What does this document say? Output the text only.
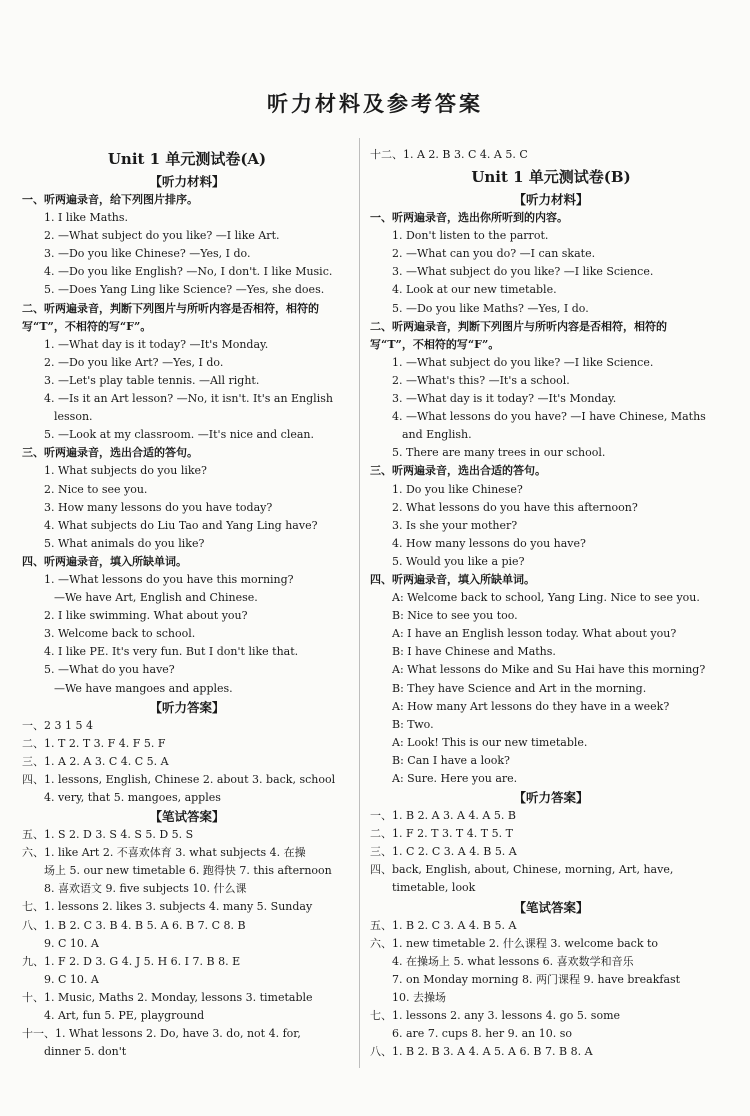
听力材料及参考答案
Unit 1 单元测试卷(A)
【听力材料】
一、听两遍录音，给下列图片排序。
1. I like Maths.
2. —What subject do you like? —I like Art.
3. —Do you like Chinese? —Yes, I do.
4. —Do you like English? —No, I don't. I like Music.
5. —Does Yang Ling like Science? —Yes, she does.
二、听两遍录音，判断下列图片与所听内容是否相符，相符的
写“T”，不相符的写“F”。
1. —What day is it today? —It's Monday.
2. —Do you like Art? —Yes, I do.
3. —Let's play table tennis. —All right.
4. —Is it an Art lesson? —No, it isn't. It's an English
lesson.
5. —Look at my classroom. —It's nice and clean.
三、听两遍录音，选出合适的答句。
1. What subjects do you like?
2. Nice to see you.
3. How many lessons do you have today?
4. What subjects do Liu Tao and Yang Ling have?
5. What animals do you like?
四、听两遍录音，填入所缺单词。
1. —What lessons do you have this morning?
—We have Art, English and Chinese.
2. I like swimming. What about you?
3. Welcome back to school.
4. I like PE. It's very fun. But I don't like that.
5. —What do you have?
—We have mangoes and apples.
【听力答案】
一、2 3 1 5 4
二、1. T 2. T 3. F 4. F 5. F
三、1. A 2. A 3. C 4. C 5. A
四、1. lessons, English, Chinese 2. about 3. back, school
4. very, that 5. mangoes, apples
【笔试答案】
五、1. S 2. D 3. S 4. S 5. D 5. S
六、1. like Art 2. 不喜欢体育 3. what subjects 4. 在操
场上 5. our new timetable 6. 跑得快 7. this afternoon
8. 喜欢语文 9. five subjects 10. 什么课
七、1. lessons 2. likes 3. subjects 4. many 5. Sunday
八、1. B 2. C 3. B 4. B 5. A 6. B 7. C 8. B
9. C 10. A
九、1. F 2. D 3. G 4. J 5. H 6. I 7. B 8. E
9. C 10. A
十、1. Music, Maths 2. Monday, lessons 3. timetable
4. Art, fun 5. PE, playground
十一、1. What lessons 2. Do, have 3. do, not 4. for,
dinner 5. don't
十二、1. A 2. B 3. C 4. A 5. C
Unit 1 单元测试卷(B)
【听力材料】
一、听两遍录音，选出你所听到的内容。
1. Don't listen to the parrot.
2. —What can you do? —I can skate.
3. —What subject do you like? —I like Science.
4. Look at our new timetable.
5. —Do you like Maths? —Yes, I do.
二、听两遍录音，判断下列图片与所听内容是否相符，相符的
写“T”，不相符的写“F”。
1. —What subject do you like? —I like Science.
2. —What's this? —It's a school.
3. —What day is it today? —It's Monday.
4. —What lessons do you have? —I have Chinese, Maths
and English.
5. There are many trees in our school.
三、听两遍录音，选出合适的答句。
1. Do you like Chinese?
2. What lessons do you have this afternoon?
3. Is she your mother?
4. How many lessons do you have?
5. Would you like a pie?
四、听两遍录音，填入所缺单词。
A: Welcome back to school, Yang Ling. Nice to see you.
B: Nice to see you too.
A: I have an English lesson today. What about you?
B: I have Chinese and Maths.
A: What lessons do Mike and Su Hai have this morning?
B: They have Science and Art in the morning.
A: How many Art lessons do they have in a week?
B: Two.
A: Look! This is our new timetable.
B: Can I have a look?
A: Sure. Here you are.
【听力答案】
一、1. B 2. A 3. A 4. A 5. B
二、1. F 2. T 3. T 4. T 5. T
三、1. C 2. C 3. A 4. B 5. A
四、back, English, about, Chinese, morning, Art, have,
timetable, look
【笔试答案】
五、1. B 2. C 3. A 4. B 5. A
六、1. new timetable 2. 什么课程 3. welcome back to
4. 在操场上 5. what lessons 6. 喜欢数学和音乐
7. on Monday morning 8. 两门课程 9. have breakfast
10. 去操场
七、1. lessons 2. any 3. lessons 4. go 5. some
6. are 7. cups 8. her 9. an 10. so
八、1. B 2. B 3. A 4. A 5. A 6. B 7. B 8. A
